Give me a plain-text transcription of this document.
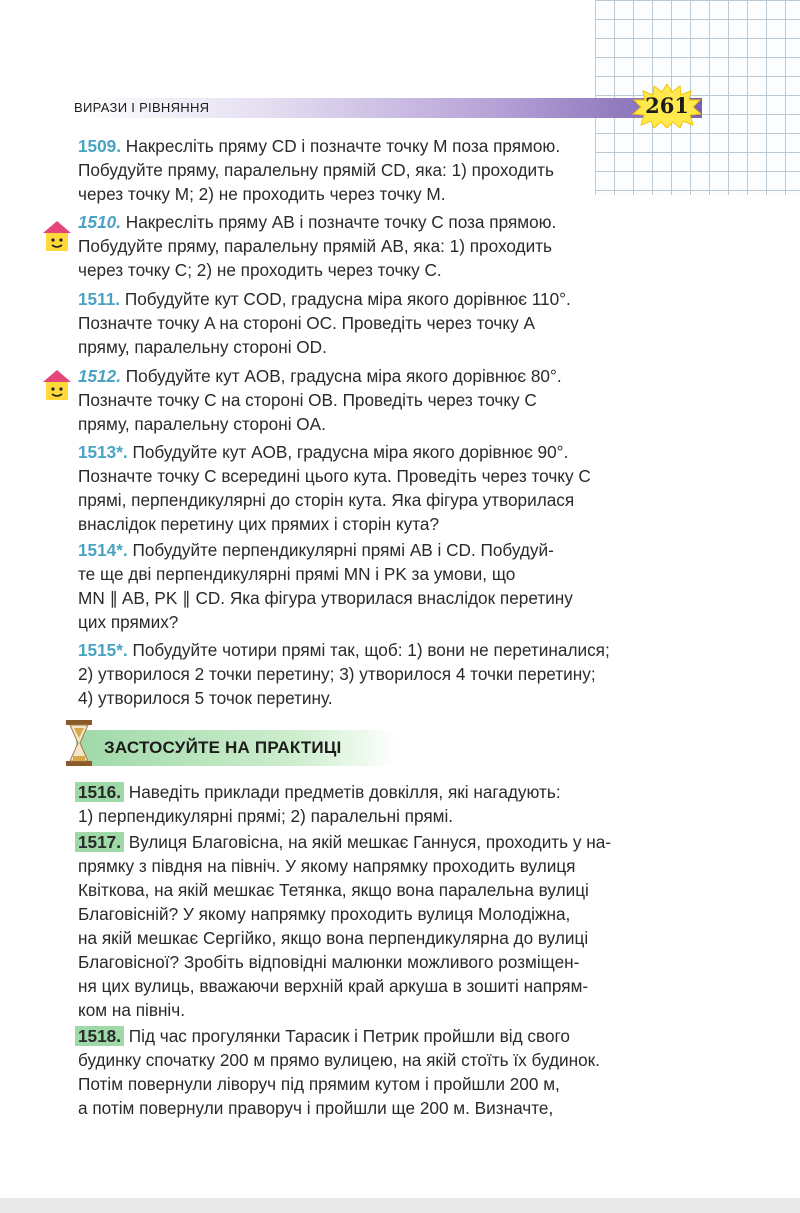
ВИРАЗИ І РІВНЯННЯ	261

1509. Накресліть пряму CD і позначте точку M поза прямою.

Побудуйте пряму, паралельну прямій CD, яка: 1) проходить

через точку M; 2) не проходить через точку M.

1510. Накресліть пряму AB і позначте точку C поза прямою.

Побудуйте пряму, паралельну прямій AB, яка: 1) проходить

через точку C; 2) не проходить через точку C.

1511. Побудуйте кут COD, градусна міра якого дорівнює 110°.

Позначте точку A на стороні OC. Проведіть через точку A

пряму, паралельну стороні OD.

1512. Побудуйте кут AOB, градусна міра якого дорівнює 80°.

Позначте точку C на стороні OB. Проведіть через точку C

пряму, паралельну стороні OA.

1513*. Побудуйте кут AOB, градусна міра якого дорівнює 90°.

Позначте точку C всередині цього кута. Проведіть через точку C

прямі, перпендикулярні до сторін кута. Яка фігура утворилася

внаслідок перетину цих прямих і сторін кута?

1514*. Побудуйте перпендикулярні прямі AB і CD. Побудуй-

те ще дві перпендикулярні прямі MN і PK за умови, що

MN ∥ AB, PK ∥ CD. Яка фігура утворилася внаслідок перетину

цих прямих?

1515*. Побудуйте чотири прямі так, щоб: 1) вони не перетиналися;

2) утворилося 2 точки перетину; 3) утворилося 4 точки перетину;

4) утворилося 5 точок перетину.

ЗАСТОСУЙТЕ НА ПРАКТИЦІ

1516. Наведіть приклади предметів довкілля, які нагадують:

1) перпендикулярні прямі; 2) паралельні прямі.

1517. Вулиця Благовісна, на якій мешкає Ганнуся, проходить у на-

прямку з півдня на північ. У якому напрямку проходить вулиця

Квіткова, на якій мешкає Тетянка, якщо вона паралельна вулиці

Благовісній? У якому напрямку проходить вулиця Молодіжна,

на якій мешкає Сергійко, якщо вона перпендикулярна до вулиці

Благовісної? Зробіть відповідні малюнки можливого розміщен-

ня цих вулиць, вважаючи верхній край аркуша в зошиті напрям-

ком на північ.

1518. Під час прогулянки Тарасик і Петрик пройшли від свого

будинку спочатку 200 м прямо вулицею, на якій стоїть їх будинок.

Потім повернули ліворуч під прямим кутом і пройшли 200 м,

а потім повернули праворуч і пройшли ще 200 м. Визначте,
